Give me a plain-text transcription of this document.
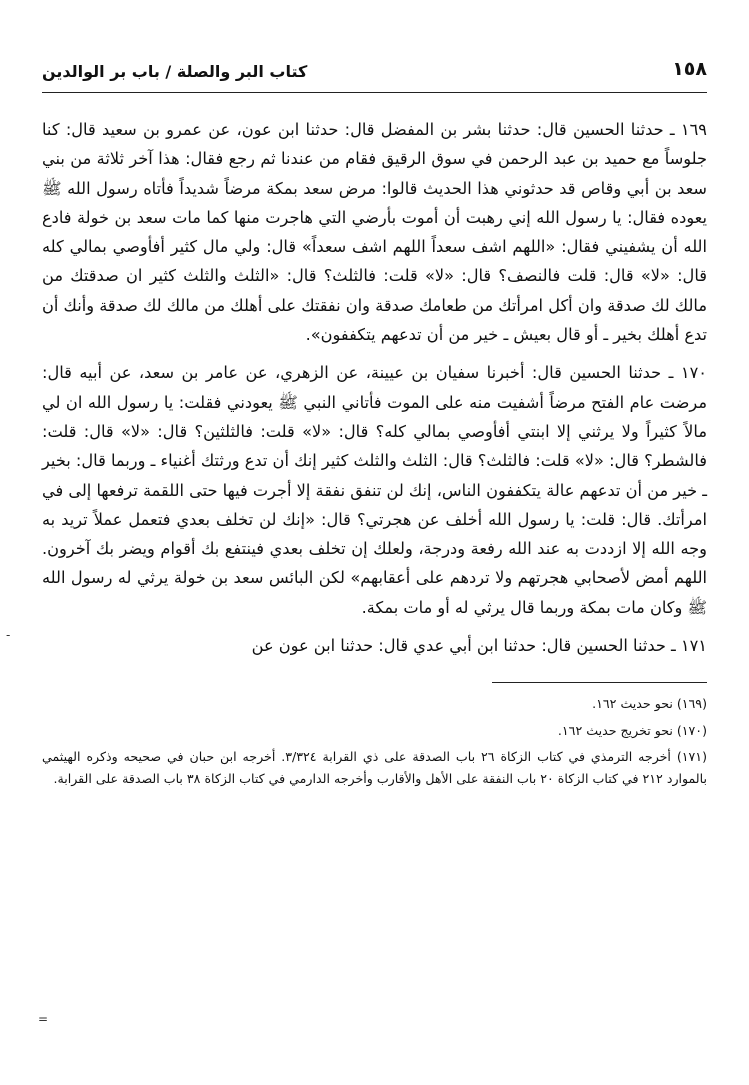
١٥٨
كتاب البر والصلة / باب بر الوالدين

١٦٩ ـ حدثنا الحسين قال: حدثنا بشر بن المفضل قال: حدثنا ابن عون، عن عمرو بن سعيد قال: كنا جلوساً مع حميد بن عبد الرحمن في سوق الرقيق فقام من عندنا ثم رجع فقال: هذا آخر ثلاثة من بني سعد بن أبي وقاص قد حدثوني هذا الحديث قالوا: مرض سعد بمكة مرضاً شديداً فأتاه رسول الله ﷺ يعوده فقال: يا رسول الله إني رهبت أن أموت بأرضي التي هاجرت منها كما مات سعد بن خولة فادع الله أن يشفيني فقال: «اللهم اشف سعداً اللهم اشف سعداً» قال: ولي مال كثير أفأوصي بمالي كله قال: «لا» قال: قلت فالنصف؟ قال: «لا» قلت: فالثلث؟ قال: «الثلث والثلث كثير ان صدقتك من مالك لك صدقة وان أكل امرأتك من طعامك صدقة وان نفقتك على أهلك من مالك لك صدقة وأنك أن تدع أهلك بخير ـ أو قال بعيش ـ خير من أن تدعهم يتكففون».

١٧٠ ـ حدثنا الحسين قال: أخبرنا سفيان بن عيينة، عن الزهري، عن عامر بن سعد، عن أبيه قال: مرضت عام الفتح مرضاً أشفيت منه على الموت فأتاني النبي ﷺ يعودني فقلت: يا رسول الله ان لي مالاً كثيراً ولا يرثني إلا ابنتي أفأوصي بمالي كله؟ قال: «لا» قلت: فالثلثين؟ قال: «لا» قال: قلت: فالشطر؟ قال: «لا» قلت: فالثلث؟ قال: الثلث والثلث كثير إنك أن تدع ورثتك أغنياء ـ وربما قال: بخير ـ خير من أن تدعهم عالة يتكففون الناس، إنك لن تنفق نفقة إلا أجرت فيها حتى اللقمة ترفعها إلى في امرأتك. قال: قلت: يا رسول الله أخلف عن هجرتي؟ قال: «إنك لن تخلف بعدي فتعمل عملاً تريد به وجه الله إلا ازددت به عند الله رفعة ودرجة، ولعلك إن تخلف بعدي فينتفع بك أقوام ويضر بك آخرون. اللهم أمض لأصحابي هجرتهم ولا تردهم على أعقابهم» لكن البائس سعد بن خولة يرثي له رسول الله ﷺ وكان مات بمكة وربما قال يرثي له أو مات بمكة.

١٧١ ـ حدثنا الحسين قال: حدثنا ابن أبي عدي قال: حدثنا ابن عون عن

(١٦٩) نحو حديث ١٦٢.

(١٧٠) نحو تخريج حديث ١٦٢.

(١٧١) أخرجه الترمذي في كتاب الزكاة ٢٦ باب الصدقة على ذي القرابة ٣/٣٢٤. أخرجه ابن حبان في صحيحه وذكره الهيثمي بالموارد ٢١٢ في كتاب الزكاة ٢٠ باب النفقة على الأهل والأقارب وأخرجه الدارمي في كتاب الزكاة ٣٨ باب الصدقة على القرابة.

-
=
